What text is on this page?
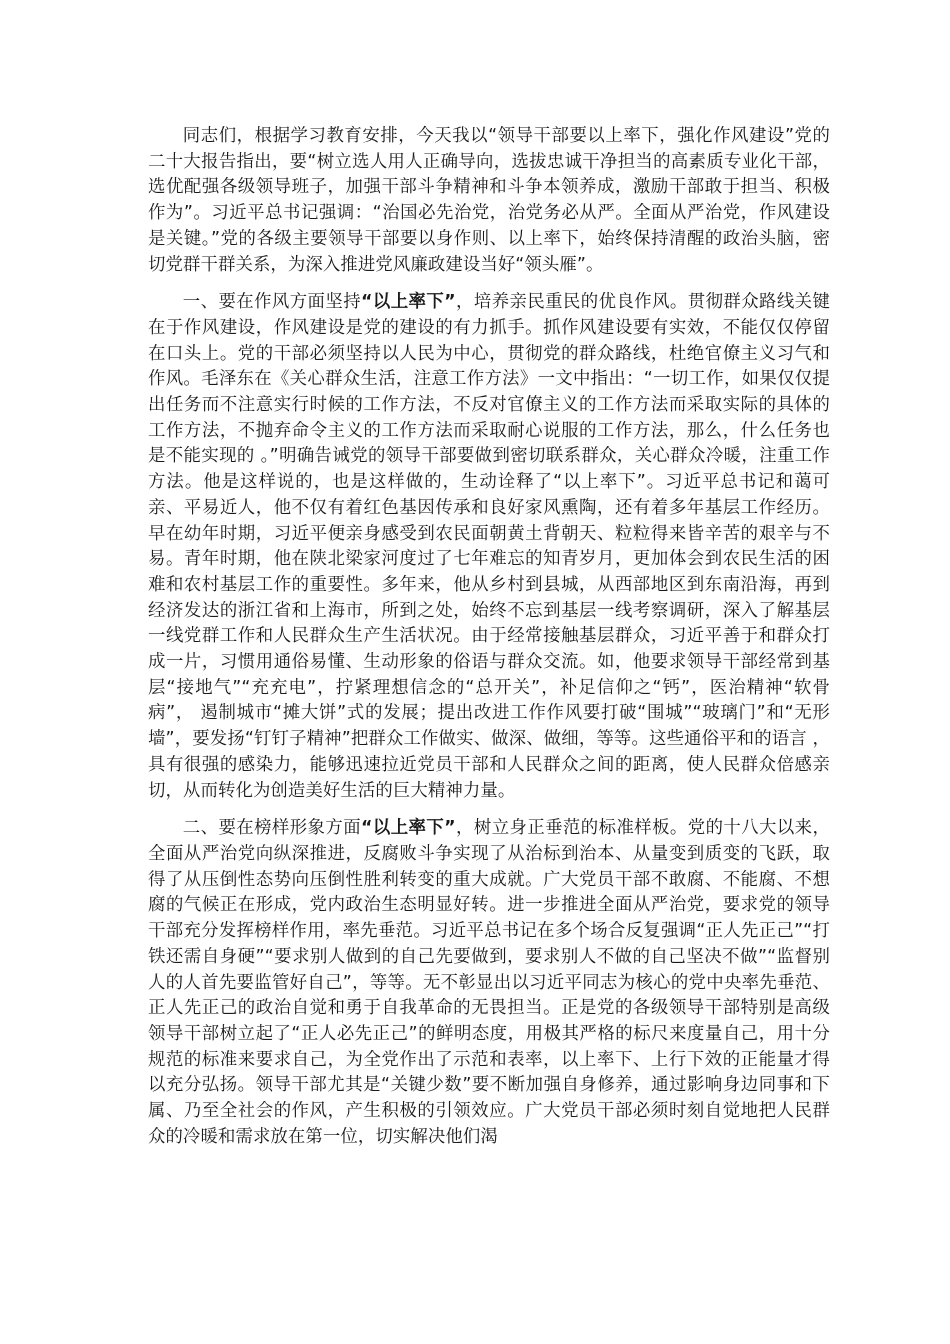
同志们，根据学习教育安排，今天我以“领导干部要以上率下，强化作风建设”党的二十大报告指出，要“树立选人用人正确导向，选拔忠诚干净担当的高素质专业化干部，选优配强各级领导班子，加强干部斗争精神和斗争本领养成，激励干部敢于担当、积极作为”。习近平总书记强调：“治国必先治党，治党务必从严。全面从严治党，作风建设是关键。”党的各级主要领导干部要以身作则、以上率下，始终保持清醒的政治头脑，密切党群干群关系，为深入推进党风廉政建设当好“领头雁”。

一、要在作风方面坚持“以上率下”，培养亲民重民的优良作风。贯彻群众路线关键在于作风建设，作风建设是党的建设的有力抓手。抓作风建设要有实效，不能仅仅停留在口头上。党的干部必须坚持以人民为中心，贯彻党的群众路线，杜绝官僚主义习气和作风。毛泽东在《关心群众生活，注意工作方法》一文中指出：“一切工作，如果仅仅提出任务而不注意实行时候的工作方法，不反对官僚主义的工作方法而采取实际的具体的工作方法，不抛弃命令主义的工作方法而采取耐心说服的工作方法，那么，什么任务也是不能实现的 。”明确告诫党的领导干部要做到密切联系群众，关心群众冷暖，注重工作方法。他是这样说的，也是这样做的，生动诠释了“以上率下”。习近平总书记和蔼可亲、平易近人，他不仅有着红色基因传承和良好家风熏陶，还有着多年基层工作经历。早在幼年时期，习近平便亲身感受到农民面朝黄土背朝天、粒粒得来皆辛苦的艰辛与不易。青年时期，他在陕北梁家河度过了七年难忘的知青岁月，更加体会到农民生活的困难和农村基层工作的重要性。多年来，他从乡村到县城，从西部地区到东南沿海，再到经济发达的浙江省和上海市，所到之处，始终不忘到基层一线考察调研，深入了解基层一线党群工作和人民群众生产生活状况。由于经常接触基层群众，习近平善于和群众打成一片，习惯用通俗易懂、生动形象的俗语与群众交流。如，他要求领导干部经常到基层“接地气”“充充电”，拧紧理想信念的“总开关”，补足信仰之“钙”，医治精神“软骨病”， 遏制城市“摊大饼”式的发展；提出改进工作作风要打破“围城”“玻璃门”和“无形墙”，要发扬“钉钉子精神”把群众工作做实、做深、做细，等等。这些通俗平和的语言 ，具有很强的感染力，能够迅速拉近党员干部和人民群众之间的距离，使人民群众倍感亲切，从而转化为创造美好生活的巨大精神力量。

二、要在榜样形象方面“以上率下”，树立身正垂范的标准样板。党的十八大以来，全面从严治党向纵深推进，反腐败斗争实现了从治标到治本、从量变到质变的飞跃，取得了从压倒性态势向压倒性胜利转变的重大成就。广大党员干部不敢腐、不能腐、不想腐的气候正在形成，党内政治生态明显好转。进一步推进全面从严治党，要求党的领导干部充分发挥榜样作用，率先垂范。习近平总书记在多个场合反复强调“正人先正己”“打铁还需自身硬”“要求别人做到的自己先要做到，要求别人不做的自己坚决不做”“监督别人的人首先要监管好自己”，等等。无不彰显出以习近平同志为核心的党中央率先垂范、正人先正己的政治自觉和勇于自我革命的无畏担当。正是党的各级领导干部特别是高级领导干部树立起了“正人必先正己”的鲜明态度，用极其严格的标尺来度量自己，用十分规范的标准来要求自己，为全党作出了示范和表率，以上率下、上行下效的正能量才得以充分弘扬。领导干部尤其是“关键少数”要不断加强自身修养，通过影响身边同事和下属、乃至全社会的作风，产生积极的引领效应。广大党员干部必须时刻自觉地把人民群众的冷暖和需求放在第一位，切实解决他们渴
